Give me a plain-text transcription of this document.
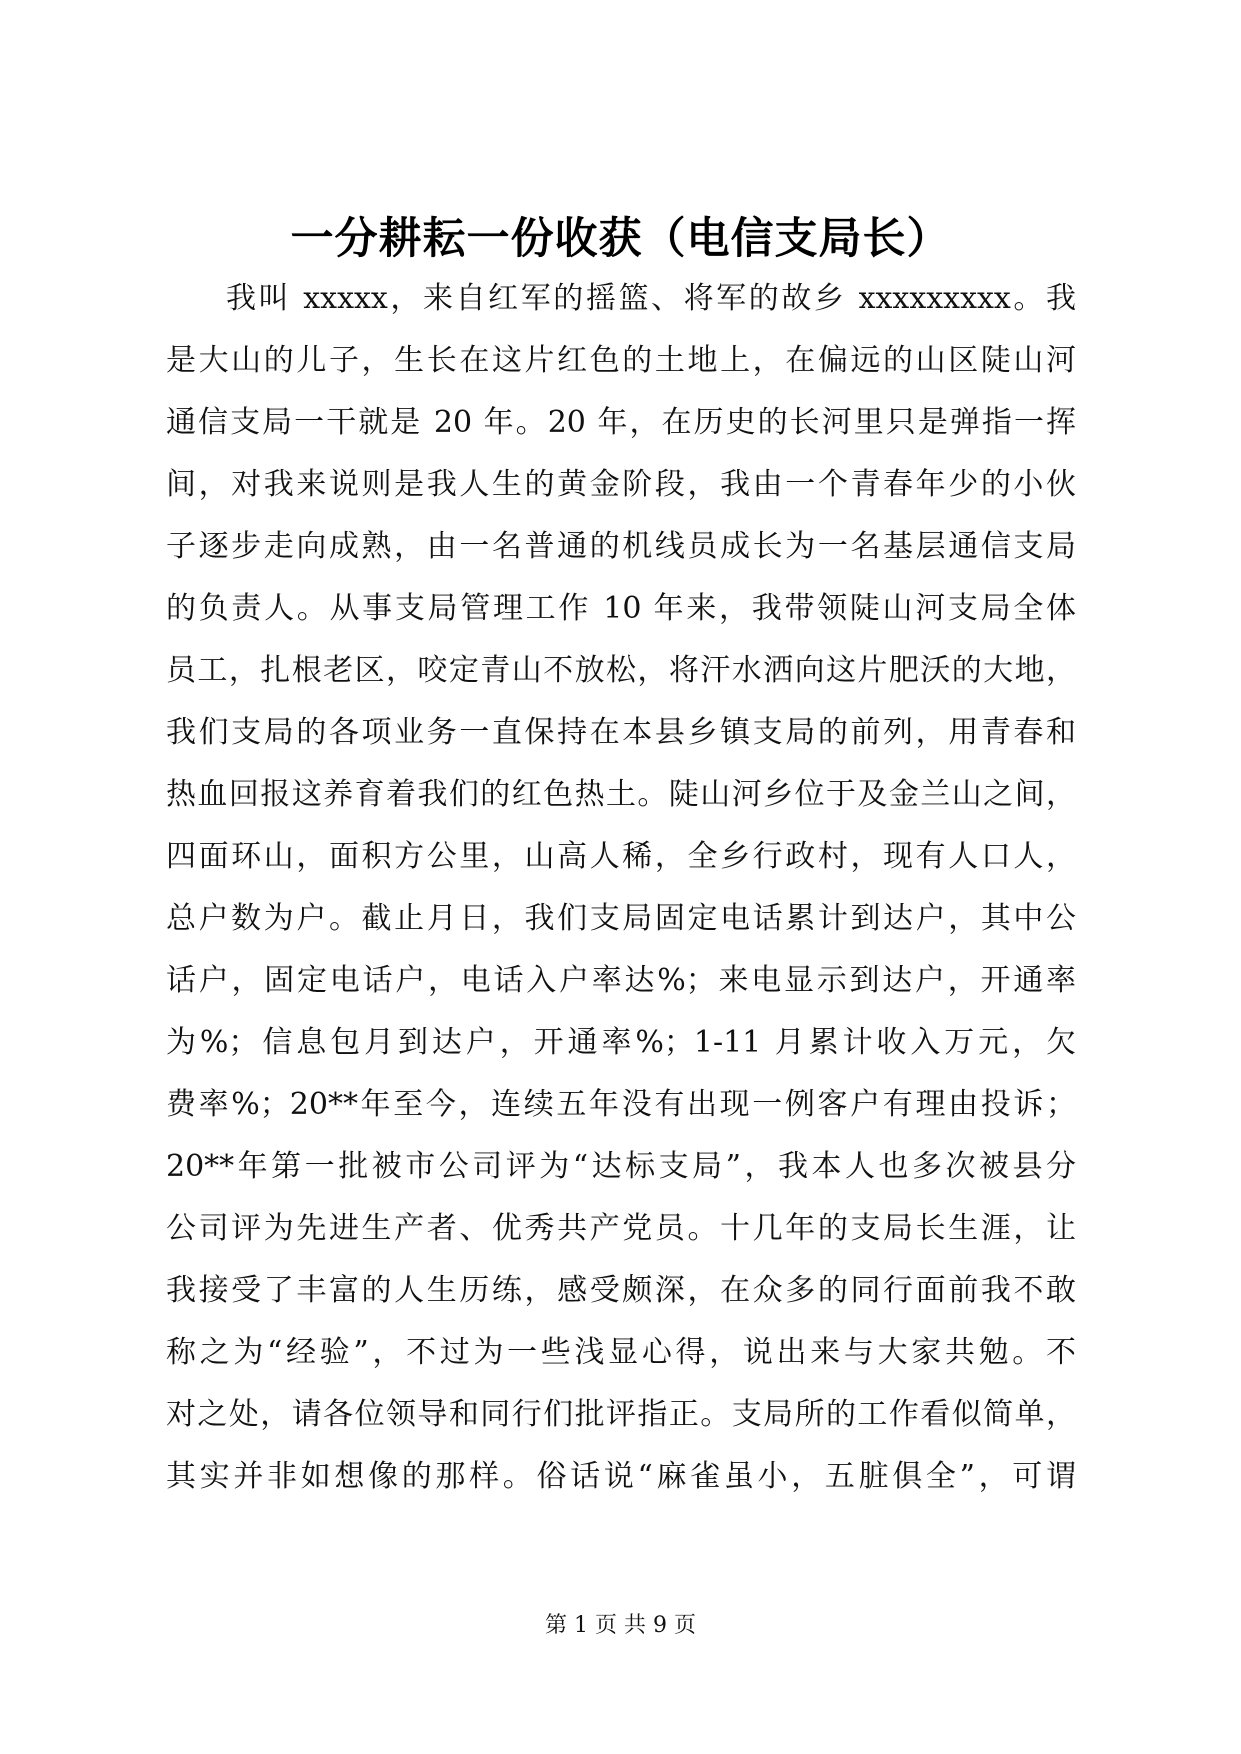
一分耕耘一份收获（电信支局长）
我叫 xxxxx，来自红军的摇篮、将军的故乡 xxxxxxxxx。我
是大山的儿子，生长在这片红色的土地上，在偏远的山区陡山河
通信支局一干就是 20 年。20 年，在历史的长河里只是弹指一挥
间，对我来说则是我人生的黄金阶段，我由一个青春年少的小伙
子逐步走向成熟，由一名普通的机线员成长为一名基层通信支局
的负责人。从事支局管理工作 10 年来，我带领陡山河支局全体
员工，扎根老区，咬定青山不放松，将汗水洒向这片肥沃的大地，
我们支局的各项业务一直保持在本县乡镇支局的前列，用青春和
热血回报这养育着我们的红色热土。陡山河乡位于及金兰山之间，
四面环山，面积方公里，山高人稀，全乡行政村，现有人口人，
总户数为户。截止月日，我们支局固定电话累计到达户，其中公
话户，固定电话户，电话入户率达%；来电显示到达户，开通率
为%；信息包月到达户，开通率%；1-11 月累计收入万元，欠
费率%；20**年至今，连续五年没有出现一例客户有理由投诉；
20**年第一批被市公司评为“达标支局”，我本人也多次被县分
公司评为先进生产者、优秀共产党员。十几年的支局长生涯，让
我接受了丰富的人生历练，感受颇深，在众多的同行面前我不敢
称之为“经验”，不过为一些浅显心得，说出来与大家共勉。不
对之处，请各位领导和同行们批评指正。支局所的工作看似简单，
其实并非如想像的那样。俗话说“麻雀虽小，五脏俱全”，可谓
第 1 页 共 9 页
